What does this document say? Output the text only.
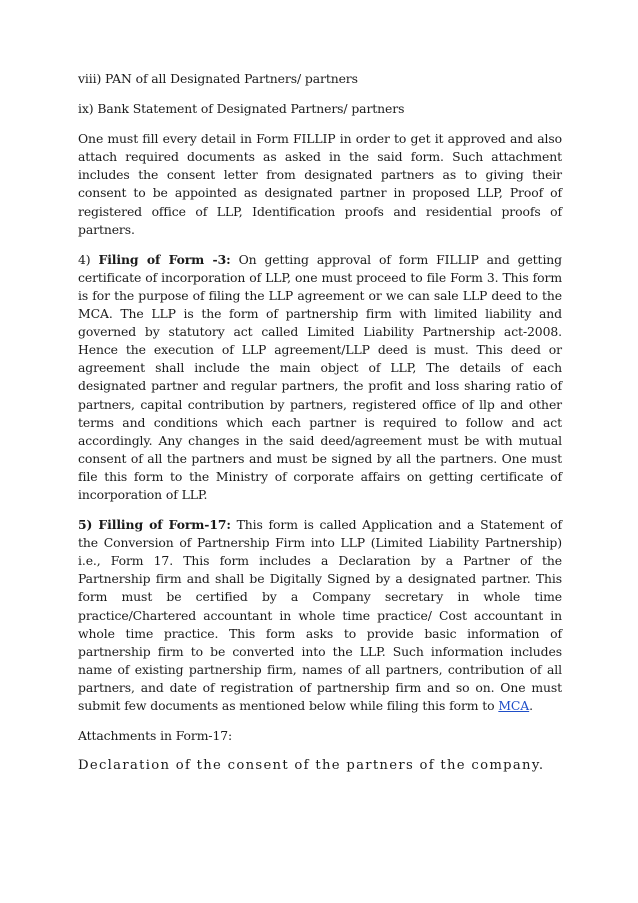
viii) PAN of all Designated Partners/ partners

ix) Bank Statement of Designated Partners/ partners

One must fill every detail in Form FILLIP in order to get it approved and also attach required documents as asked in the said form. Such attachment includes the consent letter from designated partners as to giving their consent to be appointed as designated partner in proposed LLP, Proof of registered office of LLP, Identification proofs and residential proofs of partners.

4) Filing of Form -3: On getting approval of form FILLIP and getting certificate of incorporation of LLP, one must proceed to file Form 3. This form is for the purpose of filing the LLP agreement or we can sale LLP deed to the MCA. The LLP is the form of partnership firm with limited liability and governed by statutory act called Limited Liability Partnership act-2008. Hence the execution of LLP agreement/LLP deed is must. This deed or agreement shall include the main object of LLP, The details of each designated partner and regular partners, the profit and loss sharing ratio of partners, capital contribution by partners, registered office of llp and other terms and conditions which each partner is required to follow and act accordingly. Any changes in the said deed/agreement must be with mutual consent of all the partners and must be signed by all the partners. One must file this form to the Ministry of corporate affairs on getting certificate of incorporation of LLP.

5) Filling of Form-17: This form is called Application and a Statement of the Conversion of Partnership Firm into LLP (Limited Liability Partnership) i.e., Form 17. This form includes a Declaration by a Partner of the Partnership firm and shall be Digitally Signed by a designated partner. This form must be certified by a Company secretary in whole time practice/Chartered accountant in whole time practice/ Cost accountant in whole time practice. This form asks to provide basic information of partnership firm to be converted into the LLP. Such information includes name of existing partnership firm, names of all partners, contribution of all partners, and date of registration of partnership firm and so on. One must submit few documents as mentioned below while filing this form to MCA.

Attachments in Form-17:

Declaration of the consent of the partners of the company.
